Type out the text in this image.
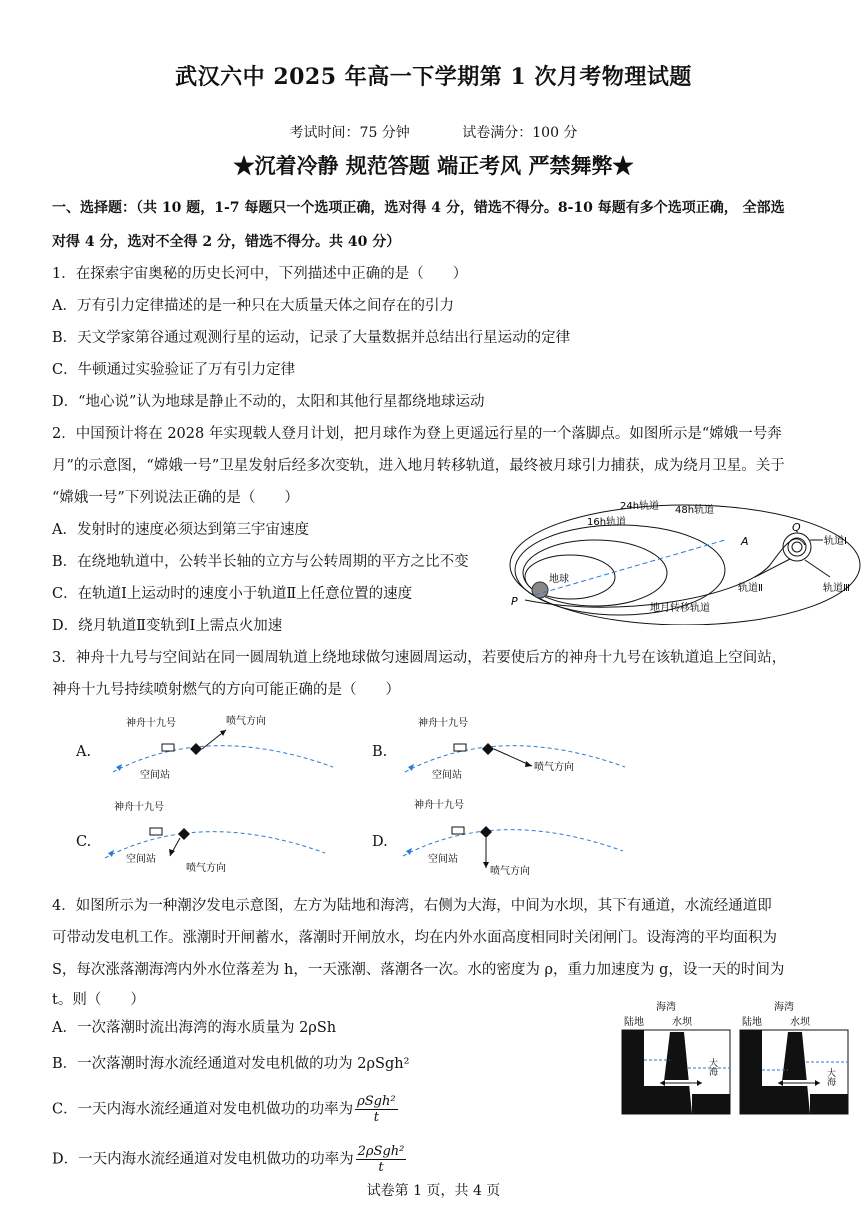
武汉六中 2025 年高一下学期第 1 次月考物理试题
考试时间：75 分钟	试卷满分：100 分
★沉着冷静 规范答题 端正考风 严禁舞弊★
一、选择题：（共 10 题，1-7 每题只一个选项正确，选对得 4 分，错选不得分。8-10 每题有多个选项正确， 全部选
对得 4 分，选对不全得 2 分，错选不得分。共 40 分）
1．在探索宇宙奥秘的历史长河中，下列描述中正确的是（　　）
A．万有引力定律描述的是一种只在大质量天体之间存在的引力
B．天文学家第谷通过观测行星的运动，记录了大量数据并总结出行星运动的定律
C．牛顿通过实验验证了万有引力定律
D．“地心说”认为地球是静止不动的，太阳和其他行星都绕地球运动
2．中国预计将在 2028 年实现载人登月计划，把月球作为登上更遥远行星的一个落脚点。如图所示是“嫦娥一号奔
月”的示意图，“嫦娥一号”卫星发射后经多次变轨，进入地月转移轨道，最终被月球引力捕获，成为绕月卫星。关于
“嫦娥一号”下列说法正确的是（　　）
A．发射时的速度必须达到第三宇宙速度
B．在绕地轨道中，公转半长轴的立方与公转周期的平方之比不变
C．在轨道Ⅰ上运动时的速度小于轨道Ⅱ上任意位置的速度
D．绕月轨道Ⅱ变轨到Ⅰ上需点火加速
24h轨道 48h轨道
16h轨道
地球
P
A
Q
轨道Ⅰ
轨道Ⅱ	轨道Ⅲ
地月转移轨道
3．神舟十九号与空间站在同一圆周轨道上绕地球做匀速圆周运动，若要使后方的神舟十九号在该轨道追上空间站，
神舟十九号持续喷射燃气的方向可能正确的是（　　）
A.
神舟十九号	喷气方向
空间站
B.
神舟十九号
喷气方向
空间站
C.
神舟十九号
喷气方向
空间站
D.
神舟十九号
喷气方向
空间站
4．如图所示为一种潮汐发电示意图，左方为陆地和海湾，右侧为大海，中间为水坝，其下有通道，水流经通道即
可带动发电机工作。涨潮时开闸蓄水，落潮时开闸放水，均在内外水面高度相同时关闭闸门。设海湾的平均面积为
S，每次涨落潮海湾内外水位落差为 h，一天涨潮、落潮各一次。水的密度为 ρ，重力加速度为 g，设一天的时间为
t。则（　　）
A．一次落潮时流出海湾的海水质量为 2ρSh
B．一次落潮时海水流经通道对发电机做的功为 2ρSgh²
C．一天内海水流经通道对发电机做功的功率为 $\frac{\text{ρSgh²}}{t}$
D．一天内海水流经通道对发电机做功的功率为 $\frac{\text{2ρSgh²}}{t}$
海湾
陆地	水坝
大海
海湾
陆地	水坝
大海
试卷第 1 页，共 4 页
